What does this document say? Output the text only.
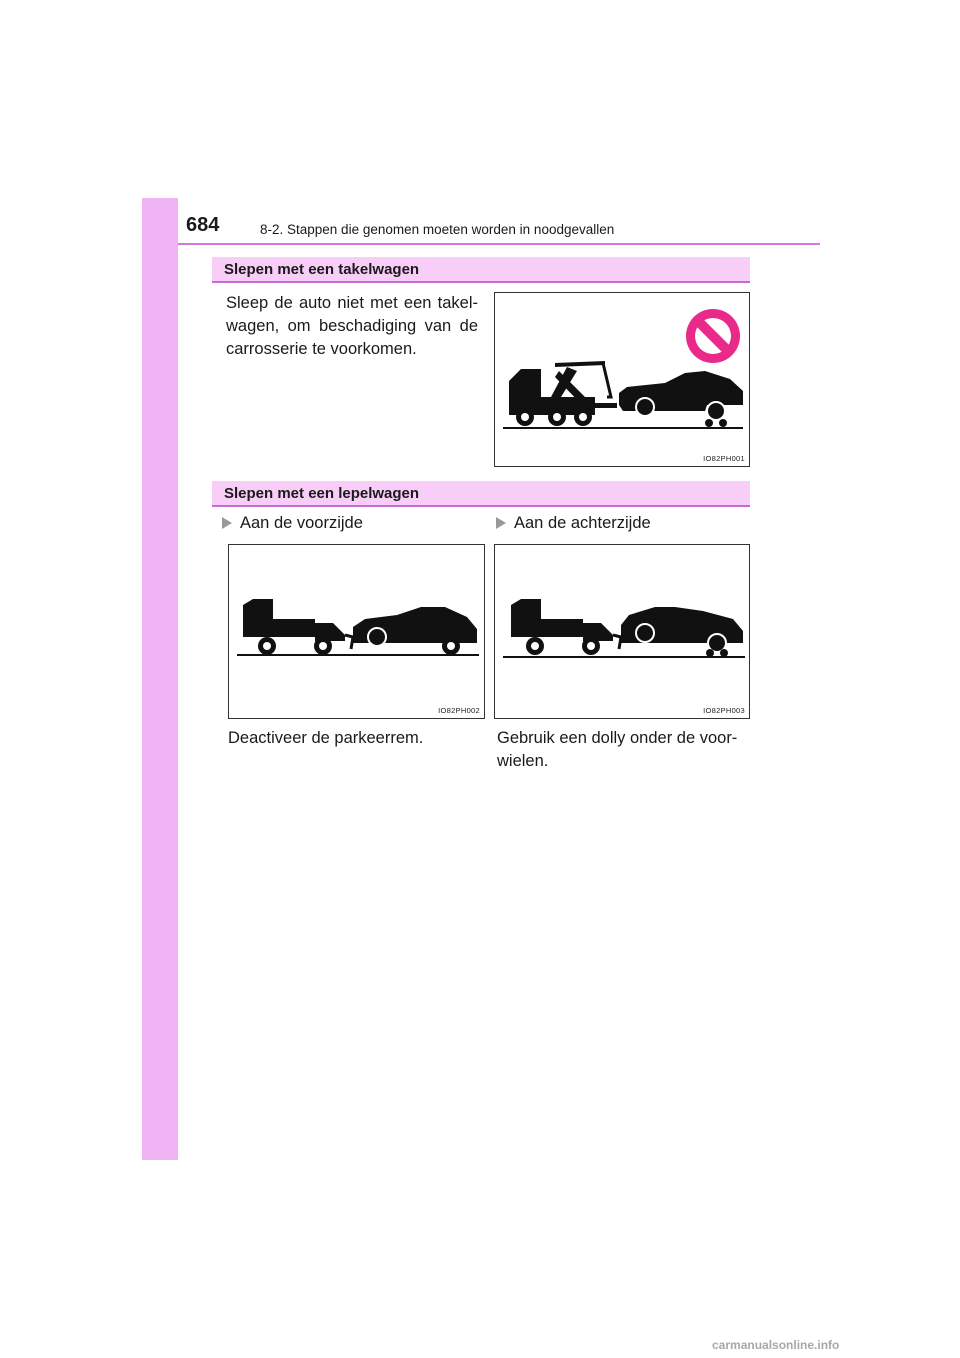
684	8-2. Stappen die genomen moeten worden in noodgevallen
Slepen met een takelwagen
Sleep de auto niet met een takel-wagen, om beschadiging van de carrosserie te voorkomen.
IO82PH001
Slepen met een lepelwagen
Aan de voorzijde	Aan de achterzijde
IO82PH002	IO82PH003
Deactiveer de parkeerrem.	Gebruik een dolly onder de voor-wielen.
carmanualsonline.info
